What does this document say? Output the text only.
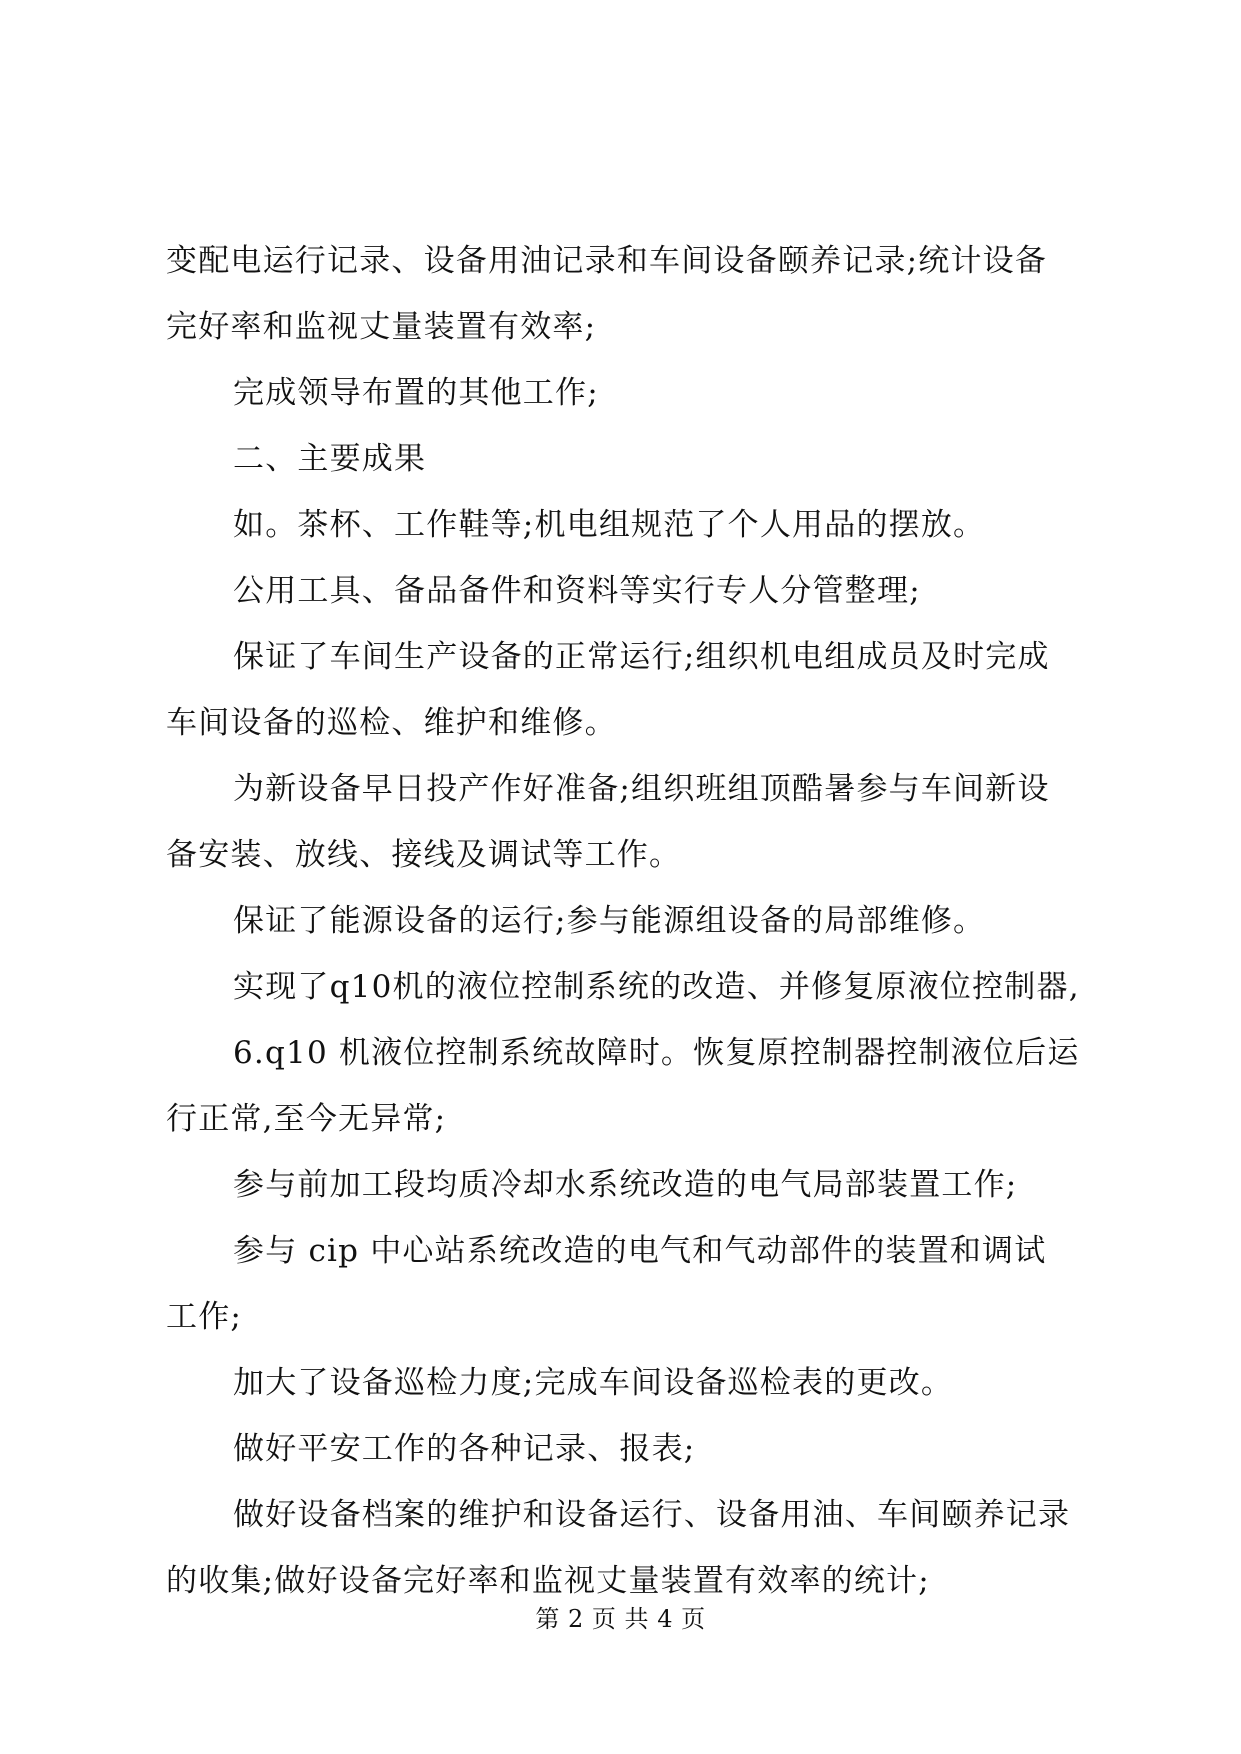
变配电运行记录、设备用油记录和车间设备颐养记录;统计设备
完好率和监视丈量装置有效率;
完成领导布置的其他工作;
二、主要成果
如。茶杯、工作鞋等;机电组规范了个人用品的摆放。
公用工具、备品备件和资料等实行专人分管整理;
保证了车间生产设备的正常运行;组织机电组成员及时完成
车间设备的巡检、维护和维修。
为新设备早日投产作好准备;组织班组顶酷暑参与车间新设
备安装、放线、接线及调试等工作。
保证了能源设备的运行;参与能源组设备的局部维修。
实现了q10机的液位控制系统的改造、并修复原液位控制器,
6.q10 机液位控制系统故障时。恢复原控制器控制液位后运
行正常,至今无异常;
参与前加工段均质冷却水系统改造的电气局部装置工作;
参与 cip 中心站系统改造的电气和气动部件的装置和调试
工作;
加大了设备巡检力度;完成车间设备巡检表的更改。
做好平安工作的各种记录、报表;
做好设备档案的维护和设备运行、设备用油、车间颐养记录
的收集;做好设备完好率和监视丈量装置有效率的统计;
第 2 页 共 4 页
